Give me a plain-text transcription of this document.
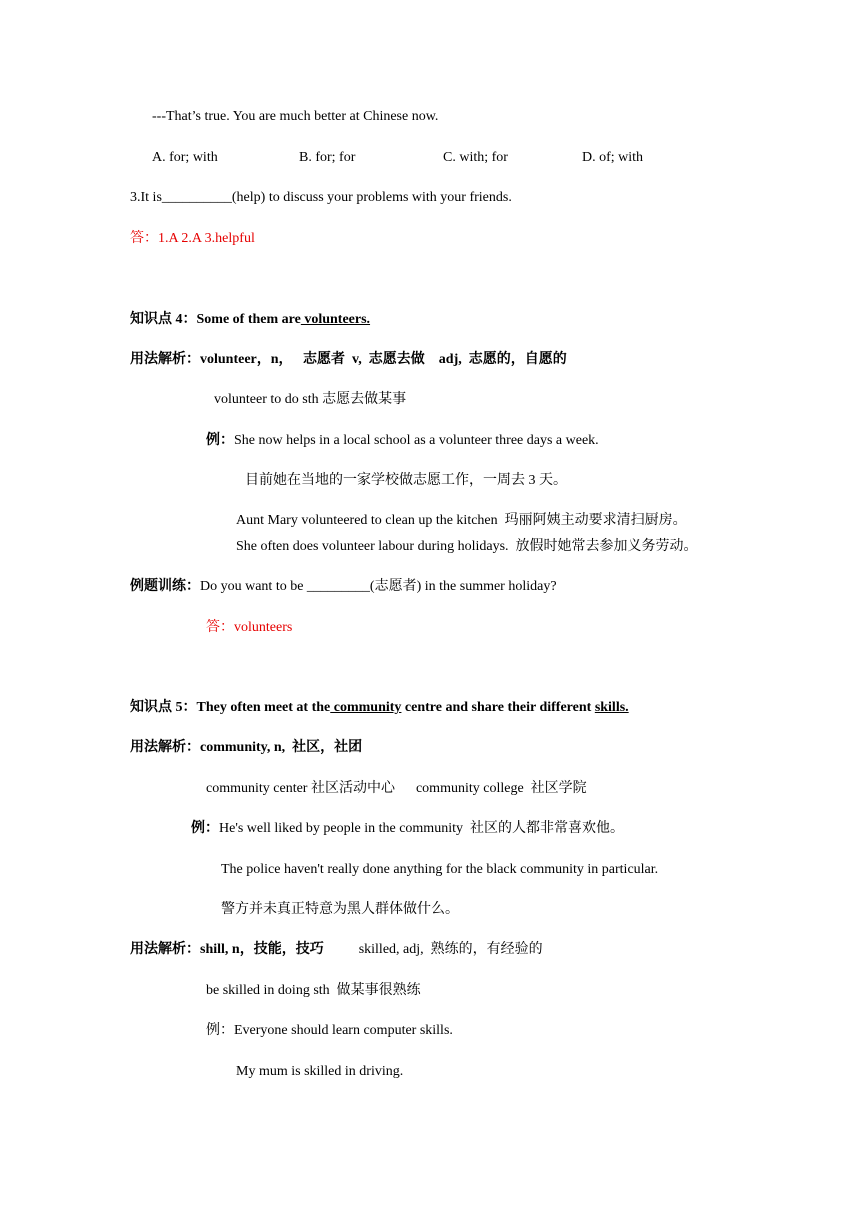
---That’s true. You are much better at Chinese now.
A. for; with	B. for; for	C. with; for	D. of; with
3.It is__________(help) to discuss your problems with your friends.
答：1.A 2.A 3.helpful
知识点 4：Some of them are volunteers.
用法解析：volunteer，n，   志愿者  v,  志愿去做    adj,  志愿的，自愿的
volunteer to do sth 志愿去做某事
例：She now helps in a local school as a volunteer three days a week.
目前她在当地的一家学校做志愿工作，一周去 3 天。
Aunt Mary volunteered to clean up the kitchen  玛丽阿姨主动要求清扫厨房。
She often does volunteer labour during holidays.  放假时她常去参加义务劳动。
例题训练：Do you want to be _________(志愿者) in the summer holiday?
答：volunteers
知识点 5：They often meet at the community centre and share their different skills.
用法解析：community, n,  社区，社团
community center 社区活动中心      community college  社区学院
例：He's well liked by people in the community  社区的人都非常喜欢他。
The police haven't really done anything for the black community in particular.
警方并未真正特意为黑人群体做什么。
用法解析：shill, n，技能，技巧          skilled, adj,  熟练的，有经验的
be skilled in doing sth  做某事很熟练
例：Everyone should learn computer skills.
My mum is skilled in driving.
